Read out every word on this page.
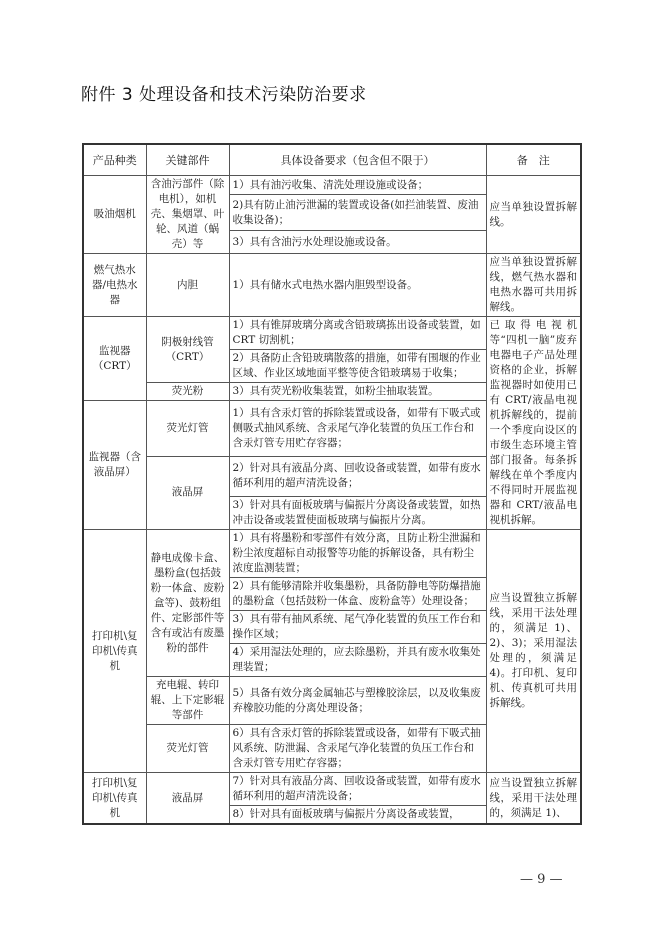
附件 3 处理设备和技术污染防治要求
产品种类	关键部件	具体设备要求（包含但不限于）	备　注
吸油烟机	含油污部件（除电机），如机壳、集烟罩、叶轮、风道（蜗壳）等	1）具有油污收集、清洗处理设施或设备；	应当单独设置拆解线。
		2)具有防止油污泄漏的装置或设备(如拦油装置、废油收集设备)；	
		3）具有含油污水处理设施或设备。	
燃气热水器/电热水器	内胆	1）具有储水式电热水器内胆毁型设备。	应当单独设置拆解线，燃气热水器和电热水器可共用拆解线。
监视器（CRT）	阴极射线管（CRT）	1）具有锥屏玻璃分离或含铅玻璃拣出设备或装置，如 CRT 切割机；	已取得电视机等“四机一脑”废弃电器电子产品处理资格的企业，拆解监视器时如使用已有 CRT/液晶电视机拆解线的，提前一个季度向设区的市级生态环境主管部门报备。每条拆解线在单个季度内不得同时开展监视器和 CRT/液晶电视机拆解。
		2）具备防止含铅玻璃散落的措施，如带有围堰的作业区域、作业区域地面平整等使含铅玻璃易于收集；	
	荧光粉	3）具有荧光粉收集装置，如粉尘抽取装置。	
监视器（含液晶屏）	荧光灯管	1）具有含汞灯管的拆除装置或设备，如带有下吸式或侧吸式抽风系统、含汞尾气净化装置的负压工作台和含汞灯管专用贮存容器；	
	液晶屏	2）针对具有液晶分离、回收设备或装置，如带有废水循环利用的超声清洗设备；	
		3）针对具有面板玻璃与偏振片分离设备或装置，如热冲击设备或装置使面板玻璃与偏振片分离。	
打印机\复印机\传真机	静电成像卡盒、墨粉盒(包括鼓粉一体盒、废粉盒等)、鼓粉组件、定影部件等含有或沾有废墨粉的部件	1）具有将墨粉和零部件有效分离，且防止粉尘泄漏和粉尘浓度超标自动报警等功能的拆解设备，具有粉尘浓度监测装置；	应当设置独立拆解线，采用干法处理的，须满足 1)、2)、3)；采用湿法处理的，须满足 4)。打印机、复印机、传真机可共用拆解线。
		2）具有能够清除并收集墨粉，具备防静电等防爆措施的墨粉盒（包括鼓粉一体盒、废粉盒等）处理设备；	
		3）具有带有抽风系统、尾气净化装置的负压工作台和操作区域；	
		4）采用湿法处理的，应去除墨粉，并具有废水收集处理装置；	
	充电辊、转印辊、上下定影辊等部件	5）具备有效分离金属轴芯与塑橡胶涂层，以及收集废弃橡胶功能的分离处理设备；	
	荧光灯管	6）具有含汞灯管的拆除装置或设备，如带有下吸式抽风系统、防泄漏、含汞尾气净化装置的负压工作台和含汞灯管专用贮存容器；	
打印机\复印机\传真机	液晶屏	7）针对具有液晶分离、回收设备或装置，如带有废水循环利用的超声清洗设备；	应当设置独立拆解线，采用干法处理的，须满足 1)、
		8）针对具有面板玻璃与偏振片分离设备或装置，	
— 9 —
